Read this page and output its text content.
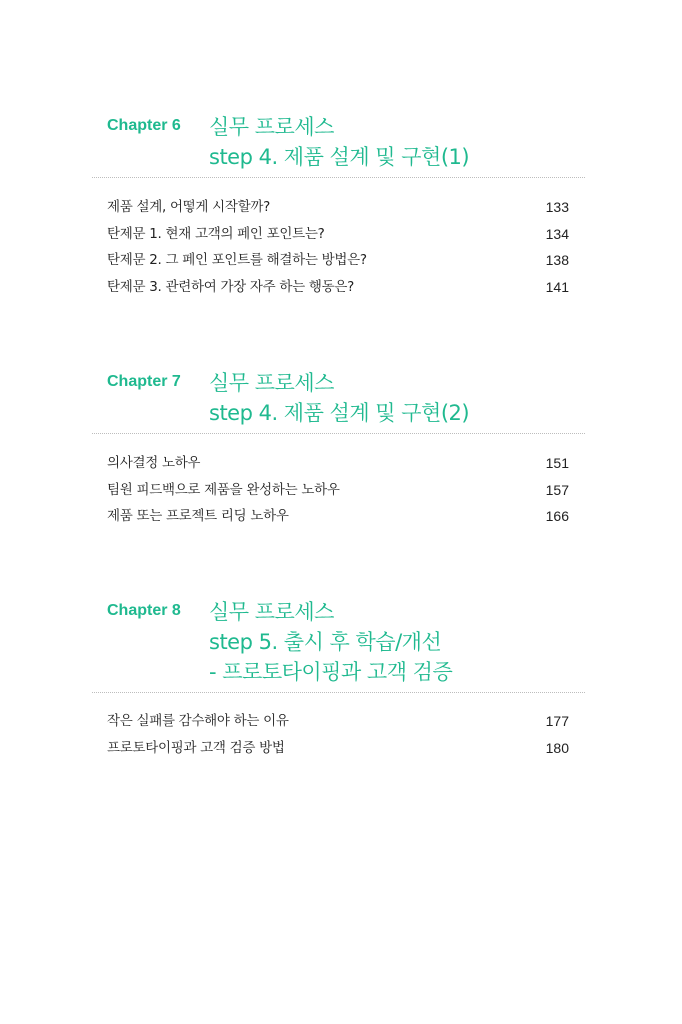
Chapter 6 실무 프로세스
step 4. 제품 설계 및 구현(1)
제품 설계, 어떻게 시작할까?	133
탄제문 1. 현재 고객의 페인 포인트는?	134
탄제문 2. 그 페인 포인트를 해결하는 방법은?	138
탄제문 3. 관련하여 가장 자주 하는 행동은?	141
Chapter 7 실무 프로세스
step 4. 제품 설계 및 구현(2)
의사결정 노하우	151
팀원 피드백으로 제품을 완성하는 노하우	157
제품 또는 프로젝트 리딩 노하우	166
Chapter 8 실무 프로세스
step 5. 출시 후 학습/개선
- 프로토타이핑과 고객 검증
작은 실패를 감수해야 하는 이유	177
프로토타이핑과 고객 검증 방법	180
